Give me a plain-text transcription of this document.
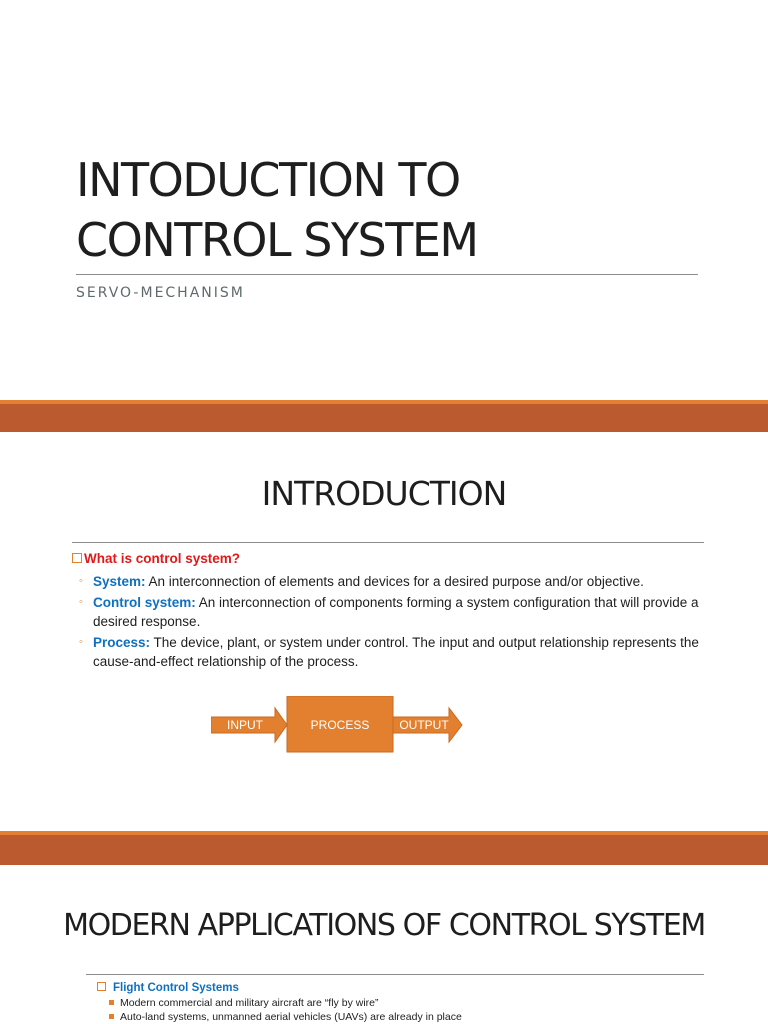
INTODUCTION TO
CONTROL SYSTEM
SERVO-MECHANISM
INTRODUCTION
What is control system?
◦ System: An interconnection of elements and devices for a desired purpose and/or objective.
◦ Control system: An interconnection of components forming a system configuration that will provide a desired response.
◦ Process: The device, plant, or system under control. The input and output relationship represents the cause-and-effect relationship of the process.
INPUT	PROCESS OUTPUT
MODERN APPLICATIONS OF CONTROL SYSTEM
Flight Control Systems
Modern commercial and military aircraft are “fly by wire”
Auto-land systems, unmanned aerial vehicles (UAVs) are already in place
